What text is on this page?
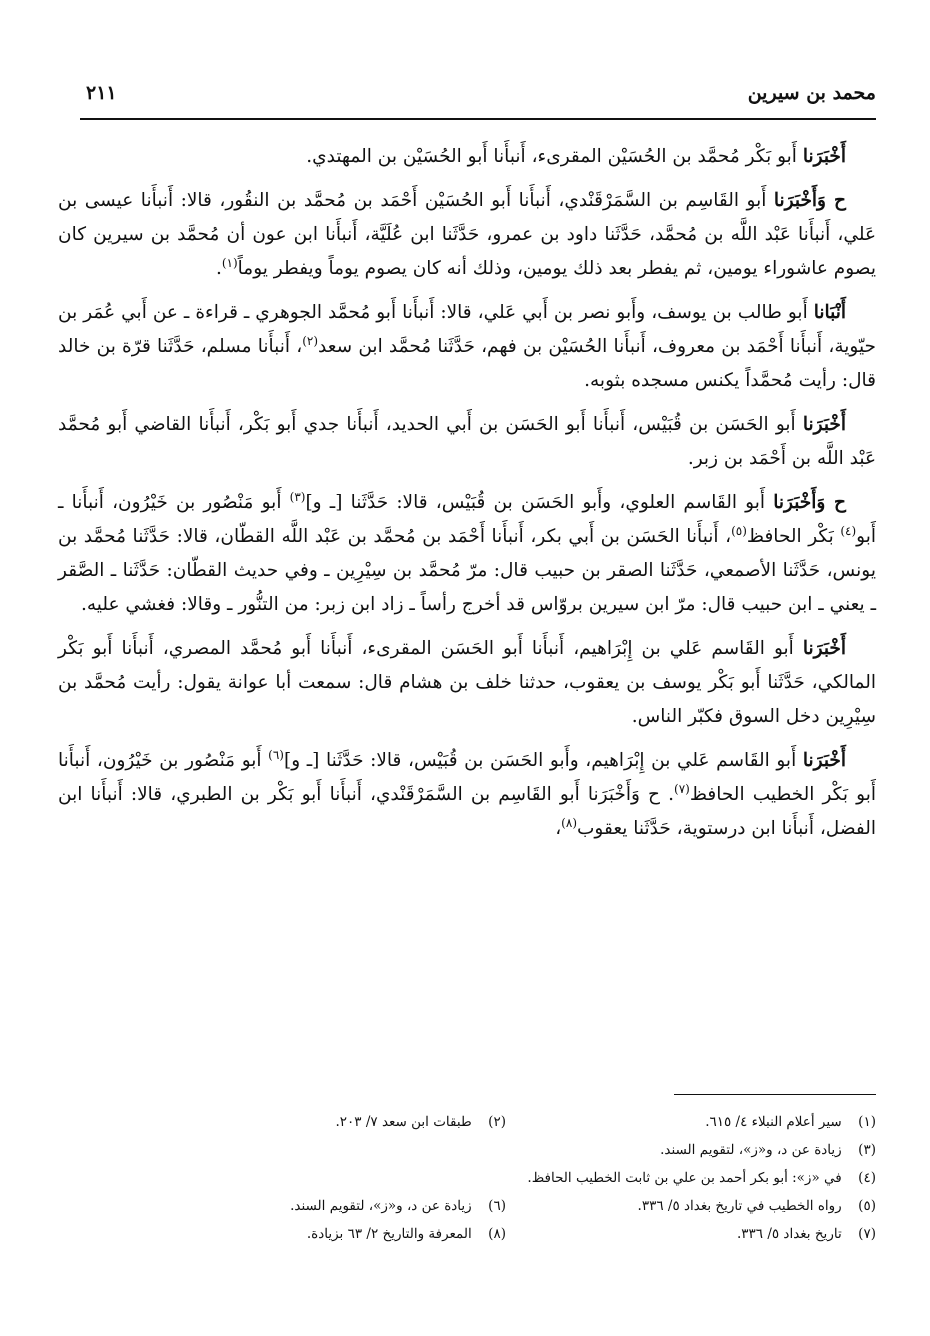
محمد بن سيرين
٢١١

أَخْبَرَنا أَبو بَكْر مُحمَّد بن الحُسَيْن المقرىء، أَنبأَنا أَبو الحُسَيْن بن المهتدي.

ح وَأَخْبَرَنا أَبو القَاسِم بن السَّمَرْقَنْدي، أَنبأَنا أَبو الحُسَيْن أَحْمَد بن مُحمَّد بن النقُور، قالا: أَنبأَنا عيسى بن عَلي، أَنبأَنا عَبْد اللَّه بن مُحمَّد، حَدَّثَنا داود بن عمرو، حَدَّثَنا ابن عُلَيَّة، أَنبأَنا ابن عون أن مُحمَّد بن سيرين كان يصوم عاشوراء يومين، ثم يفطر بعد ذلك يومين، وذلك أنه كان يصوم يوماً ويفطر يوماً$^{(١)}$.

أَنْبَانا أَبو طالب بن يوسف، وأَبو نصر بن أَبي عَلي، قالا: أَنبأَنا أَبو مُحمَّد الجوهري ـ قراءة ـ عن أَبي عُمَر بن حيّوية، أَنبأَنا أَحْمَد بن معروف، أَنبأَنا الحُسَيْن بن فهم، حَدَّثَنا مُحمَّد ابن سعد$^{(٢)}$، أَنبأَنا مسلم، حَدَّثَنا قرّة بن خالد قال: رأيت مُحمَّداً يكنس مسجده بثوبه.

أَخْبَرَنا أَبو الحَسَن بن قُبَيْس، أَنبأَنا أَبو الحَسَن بن أَبي الحديد، أَنبأَنا جدي أَبو بَكْر، أَنبأَنا القاضي أَبو مُحمَّد عَبْد اللَّه بن أَحْمَد بن زبر.

ح وَأَخْبَرَنا أَبو القَاسم العلوي، وأَبو الحَسَن بن قُبَيْس، قالا: حَدَّثَنا [ـ و]$^{(٣)}$ أَبو مَنْصُور بن خَيْرُون، أَنبأَنا ـ أَبو$^{(٤)}$ بَكْر الحافظ$^{(٥)}$، أَنبأَنا الحَسَن بن أَبي بكر، أَنبأَنا أَحْمَد بن مُحمَّد بن عَبْد اللَّه القطّان، قالا: حَدَّثَنا مُحمَّد بن يونس، حَدَّثَنا الأصمعي، حَدَّثَنا الصقر بن حبيب قال: مرّ مُحمَّد بن سِيْرِين ـ وفي حديث القطّان: حَدَّثَنا ـ الصَّقر ـ يعني ـ ابن حبيب قال: مرّ ابن سيرين بروّاس قد أخرج رأساً ـ زاد ابن زبر: من التنُّور ـ وقالا: فغشي عليه.

أَخْبَرَنا أَبو القَاسم عَلي بن إِبْرَاهيم، أَنبأَنا أَبو الحَسَن المقرىء، أَنبأَنا أَبو مُحمَّد المصري، أَنبأَنا أَبو بَكْر المالكي، حَدَّثَنا أَبو بَكْر يوسف بن يعقوب، حدثنا خلف بن هشام قال: سمعت أبا عوانة يقول: رأيت مُحمَّد بن سِيْرِين دخل السوق فكبّر الناس.

أَخْبَرَنا أَبو القَاسم عَلي بن إِبْرَاهيم، وأَبو الحَسَن بن قُبَيْس، قالا: حَدَّثَنا [ـ و]$^{(٦)}$ أَبو مَنْصُور بن خَيْرُون، أَنبأَنا أَبو بَكْر الخطيب الحافظ$^{(٧)}$. ح وَأَخْبَرَنا أَبو القَاسِم بن السَّمَرْقَنْدي، أَنبأَنا أَبو بَكْر بن الطبري، قالا: أَنبأَنا ابن الفضل، أَنبأَنا ابن درستوية، حَدَّثَنا يعقوب$^{(٨)}$،

(١) سير أعلام النبلاء ٤/ ٦١٥.
(٢) طبقات ابن سعد ٧/ ٢٠٣.
(٣) زيادة عن د، و«ز»، لتقويم السند.
(٤) في «ز»: أبو بكر أحمد بن علي بن ثابت الخطيب الحافظ.
(٥) رواه الخطيب في تاريخ بغداد ٥/ ٣٣٦.
(٦) زيادة عن د، و«ز»، لتقويم السند.
(٧) تاريخ بغداد ٥/ ٣٣٦.
(٨) المعرفة والتاريخ ٢/ ٦٣ بزيادة.
